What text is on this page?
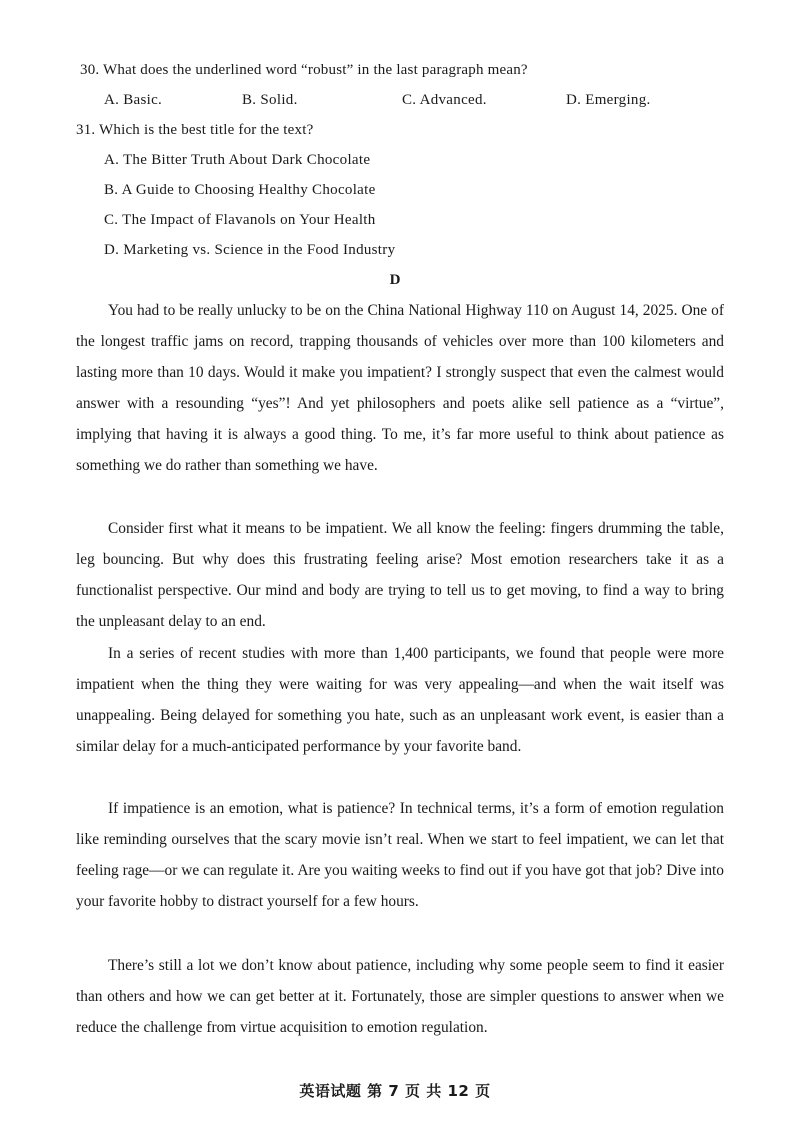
30. What does the underlined word “robust” in the last paragraph mean?
A. Basic.	B. Solid.	C. Advanced.	D. Emerging.
31. Which is the best title for the text?
A. The Bitter Truth About Dark Chocolate
B. A Guide to Choosing Healthy Chocolate
C. The Impact of Flavanols on Your Health
D. Marketing vs. Science in the Food Industry
D

You had to be really unlucky to be on the China National Highway 110 on August 14, 2025. One of the longest traffic jams on record, trapping thousands of vehicles over more than 100 kilometers and lasting more than 10 days. Would it make you impatient? I strongly suspect that even the calmest would answer with a resounding “yes”! And yet philosophers and poets alike sell patience as a “virtue”, implying that having it is always a good thing. To me, it’s far more useful to think about patience as something we do rather than something we have.

Consider first what it means to be impatient. We all know the feeling: fingers drumming the table, leg bouncing. But why does this frustrating feeling arise? Most emotion researchers take it as a functionalist perspective. Our mind and body are trying to tell us to get moving, to find a way to bring the unpleasant delay to an end.

In a series of recent studies with more than 1,400 participants, we found that people were more impatient when the thing they were waiting for was very appealing—and when the wait itself was unappealing. Being delayed for something you hate, such as an unpleasant work event, is easier than a similar delay for a much-anticipated performance by your favorite band.

If impatience is an emotion, what is patience? In technical terms, it’s a form of emotion regulation like reminding ourselves that the scary movie isn’t real. When we start to feel impatient, we can let that feeling rage—or we can regulate it. Are you waiting weeks to find out if you have got that job? Dive into your favorite hobby to distract yourself for a few hours.

There’s still a lot we don’t know about patience, including why some people seem to find it easier than others and how we can get better at it. Fortunately, those are simpler questions to answer when we reduce the challenge from virtue acquisition to emotion regulation.

英语试题 第 7 页 共 12 页
